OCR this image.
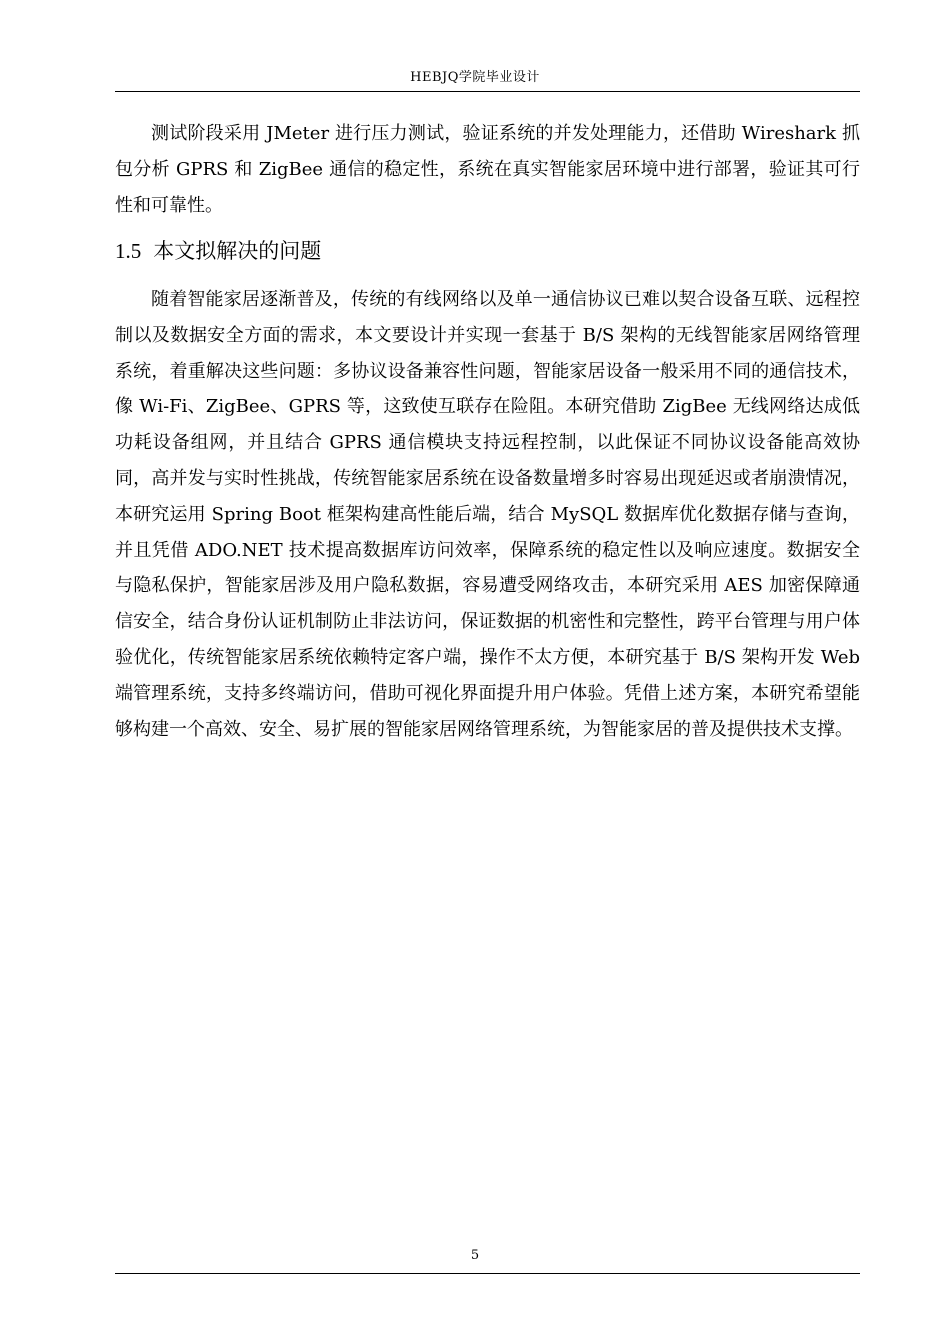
HEBJQ学院毕业设计

测试阶段采用 JMeter 进行压力测试，验证系统的并发处理能力，还借助 Wireshark 抓包分析 GPRS 和 ZigBee 通信的稳定性，系统在真实智能家居环境中进行部署，验证其可行性和可靠性。

1.5 本文拟解决的问题

随着智能家居逐渐普及，传统的有线网络以及单一通信协议已难以契合设备互联、远程控制以及数据安全方面的需求，本文要设计并实现一套基于 B/S 架构的无线智能家居网络管理系统，着重解决这些问题：多协议设备兼容性问题，智能家居设备一般采用不同的通信技术，像 Wi-Fi、ZigBee、GPRS 等，这致使互联存在险阻。本研究借助 ZigBee 无线网络达成低功耗设备组网，并且结合 GPRS 通信模块支持远程控制，以此保证不同协议设备能高效协同，高并发与实时性挑战，传统智能家居系统在设备数量增多时容易出现延迟或者崩溃情况，本研究运用 Spring Boot 框架构建高性能后端，结合 MySQL 数据库优化数据存储与查询，并且凭借 ADO.NET 技术提高数据库访问效率，保障系统的稳定性以及响应速度。数据安全与隐私保护，智能家居涉及用户隐私数据，容易遭受网络攻击，本研究采用 AES 加密保障通信安全，结合身份认证机制防止非法访问，保证数据的机密性和完整性，跨平台管理与用户体验优化，传统智能家居系统依赖特定客户端，操作不太方便，本研究基于 B/S 架构开发 Web 端管理系统，支持多终端访问，借助可视化界面提升用户体验。凭借上述方案，本研究希望能够构建一个高效、安全、易扩展的智能家居网络管理系统，为智能家居的普及提供技术支撑。

5
